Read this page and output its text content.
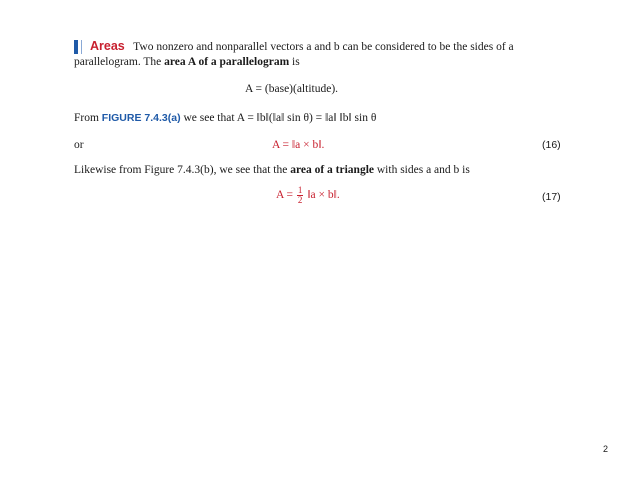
Areas Two nonzero and nonparallel vectors a and b can be considered to be the sides of a
parallelogram. The area A of a parallelogram is
A = (base)(altitude).
From FIGURE 7.4.3(a) we see that A = ‖b‖(‖a‖ sin θ) = ‖a‖ ‖b‖ sin θ
or	A = ‖a × b‖.	(16)
Likewise from Figure 7.4.3(b), we see that the area of a triangle with sides a and b is
$A = \frac{1}{2}$ ‖a × b‖.	(17)
2
